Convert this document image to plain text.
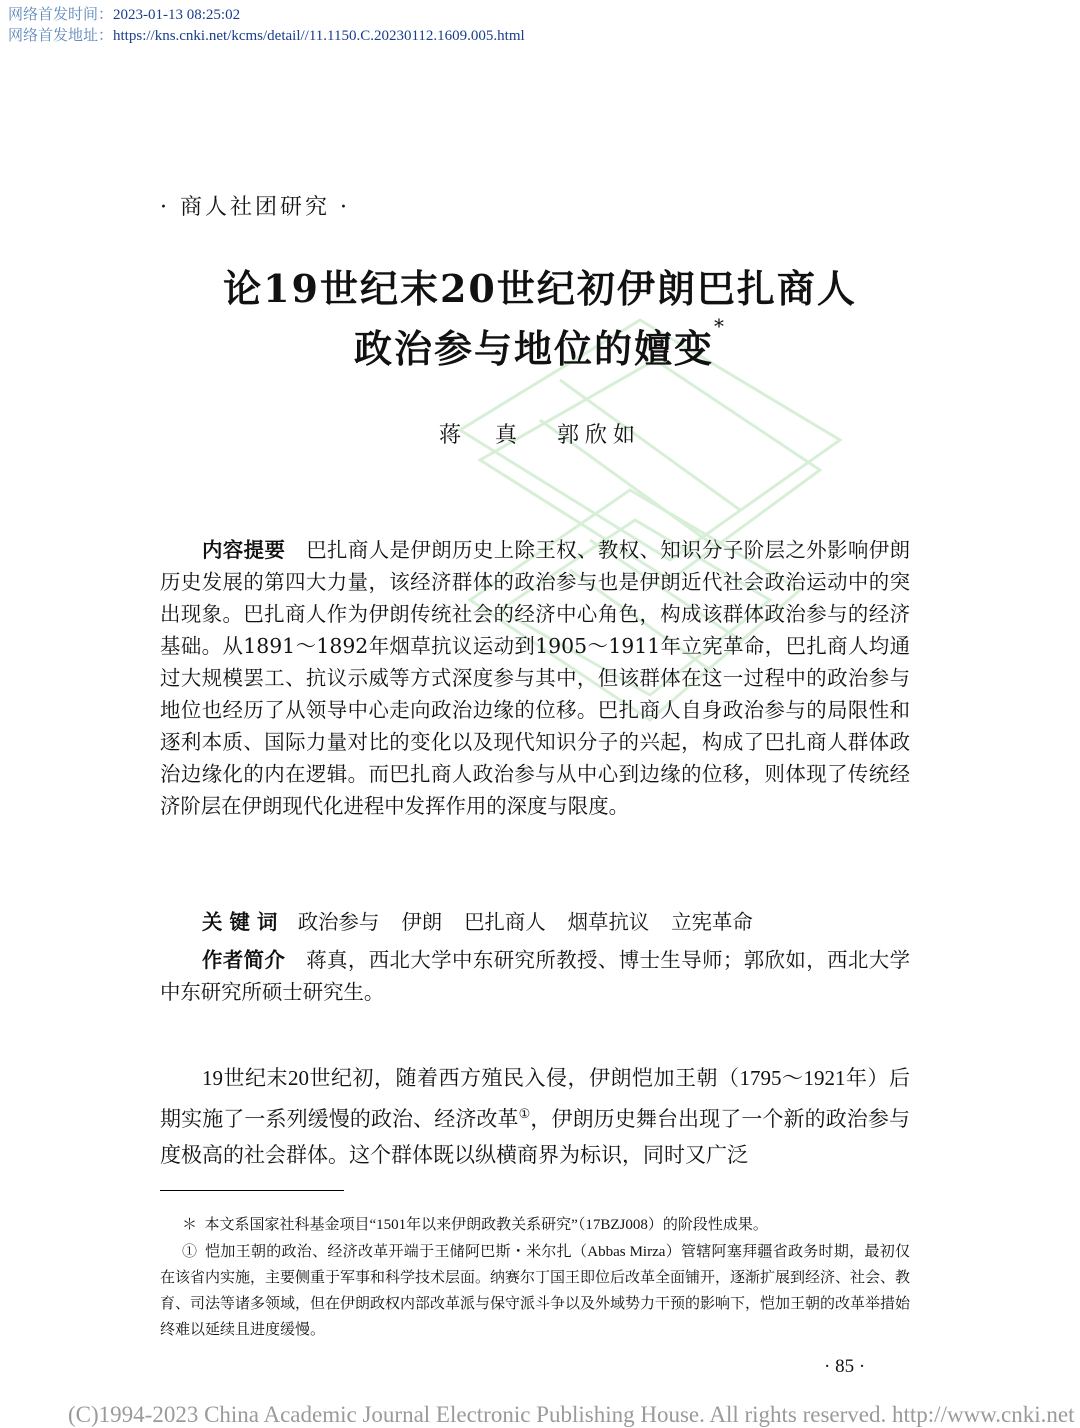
网络首发时间：2023-01-13 08:25:02
网络首发地址：https://kns.cnki.net/kcms/detail//11.1150.C.20230112.1609.005.html
· 商人社团研究 ·
论19世纪末20世纪初伊朗巴扎商人
政治参与地位的嬗变*
蒋　真 郭欣如
内容提要  巴扎商人是伊朗历史上除王权、教权、知识分子阶层之外影响伊朗历史发展的第四大力量，该经济群体的政治参与也是伊朗近代社会政治运动中的突出现象。巴扎商人作为伊朗传统社会的经济中心角色，构成该群体政治参与的经济基础。从1891～1892年烟草抗议运动到1905～1911年立宪革命，巴扎商人均通过大规模罢工、抗议示威等方式深度参与其中，但该群体在这一过程中的政治参与地位也经历了从领导中心走向政治边缘的位移。巴扎商人自身政治参与的局限性和逐利本质、国际力量对比的变化以及现代知识分子的兴起，构成了巴扎商人群体政治边缘化的内在逻辑。而巴扎商人政治参与从中心到边缘的位移，则体现了传统经济阶层在伊朗现代化进程中发挥作用的深度与限度。
关 键 词  政治参与 伊朗 巴扎商人 烟草抗议 立宪革命
作者简介  蒋真，西北大学中东研究所教授、博士生导师；郭欣如，西北大学中东研究所硕士研究生。
19世纪末20世纪初，随着西方殖民入侵，伊朗恺加王朝（1795～1921年）后期实施了一系列缓慢的政治、经济改革①，伊朗历史舞台出现了一个新的政治参与度极高的社会群体。这个群体既以纵横商界为标识，同时又广泛
＊  本文系国家社科基金项目“1501年以来伊朗政教关系研究”（17BZJ008）的阶段性成果。
①  恺加王朝的政治、经济改革开端于王储阿巴斯・米尔扎（Abbas Mirza）管辖阿塞拜疆省政务时期，最初仅在该省内实施，主要侧重于军事和科学技术层面。纳赛尔丁国王即位后改革全面铺开，逐渐扩展到经济、社会、教育、司法等诸多领域，但在伊朗政权内部改革派与保守派斗争以及外域势力干预的影响下，恺加王朝的改革举措始终难以延续且进度缓慢。
· 85 ·
(C)1994-2023 China Academic Journal Electronic Publishing House. All rights reserved. http://www.cnki.net
